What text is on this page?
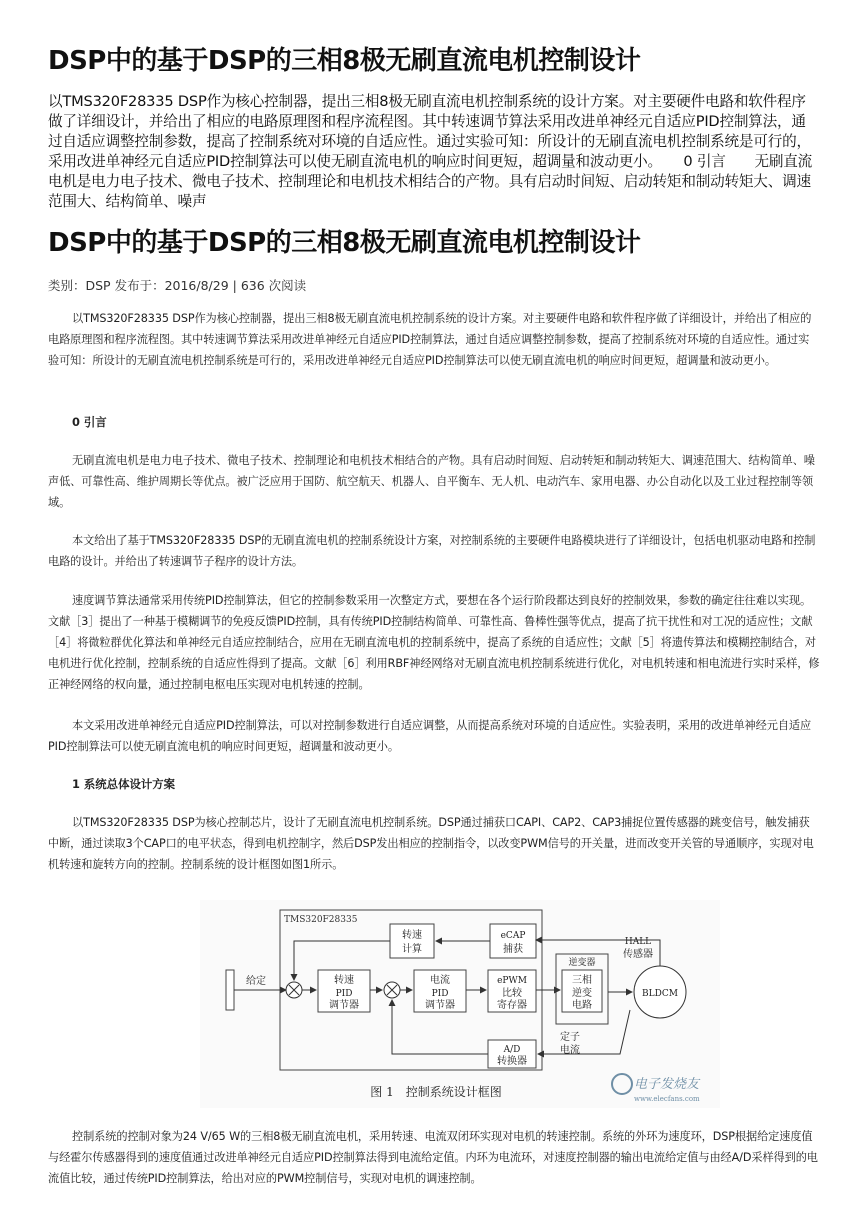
DSP中的基于DSP的三相8极无刷直流电机控制设计
以TMS320F28335 DSP作为核心控制器，提出三相8极无刷直流电机控制系统的设计方案。对主要硬件电路和软件程序做了详细设计，并给出了相应的电路原理图和程序流程图。其中转速调节算法采用改进单神经元自适应PID控制算法，通过自适应调整控制参数，提高了控制系统对环境的自适应性。通过实验可知：所设计的无刷直流电机控制系统是可行的，采用改进单神经元自适应PID控制算法可以使无刷直流电机的响应时间更短，超调量和波动更小。　　0 引言　　无刷直流电机是电力电子技术、微电子技术、控制理论和电机技术相结合的产物。具有启动时间短、启动转矩和制动转矩大、调速范围大、结构简单、噪声
DSP中的基于DSP的三相8极无刷直流电机控制设计
类别：DSP 发布于：2016/8/29 | 636 次阅读
以TMS320F28335 DSP作为核心控制器，提出三相8极无刷直流电机控制系统的设计方案。对主要硬件电路和软件程序做了详细设计，并给出了相应的电路原理图和程序流程图。其中转速调节算法采用改进单神经元自适应PID控制算法，通过自适应调整控制参数，提高了控制系统对环境的自适应性。通过实验可知：所设计的无刷直流电机控制系统是可行的，采用改进单神经元自适应PID控制算法可以使无刷直流电机的响应时间更短，超调量和波动更小。
0 引言
无刷直流电机是电力电子技术、微电子技术、控制理论和电机技术相结合的产物。具有启动时间短、启动转矩和制动转矩大、调速范围大、结构简单、噪声低、可靠性高、维护周期长等优点。被广泛应用于国防、航空航天、机器人、自平衡车、无人机、电动汽车、家用电器、办公自动化以及工业过程控制等领域。
本文给出了基于TMS320F28335 DSP的无刷直流电机的控制系统设计方案，对控制系统的主要硬件电路模块进行了详细设计，包括电机驱动电路和控制电路的设计。并给出了转速调节子程序的设计方法。
速度调节算法通常采用传统PID控制算法，但它的控制参数采用一次整定方式，要想在各个运行阶段都达到良好的控制效果，参数的确定往往难以实现。文献［3］提出了一种基于模糊调节的免疫反馈PID控制，具有传统PID控制结构简单、可靠性高、鲁棒性强等优点，提高了抗干扰性和对工况的适应性；文献［4］将微粒群优化算法和单神经元自适应控制结合，应用在无刷直流电机的控制系统中，提高了系统的自适应性；文献［5］将遗传算法和模糊控制结合，对电机进行优化控制，控制系统的自适应性得到了提高。文献［6］利用RBF神经网络对无刷直流电机控制系统进行优化，对电机转速和相电流进行实时采样，修正神经网络的权向量，通过控制电枢电压实现对电机转速的控制。
本文采用改进单神经元自适应PID控制算法，可以对控制参数进行自适应调整，从而提高系统对环境的自适应性。实验表明，采用的改进单神经元自适应PID控制算法可以使无刷直流电机的响应时间更短，超调量和波动更小。
1 系统总体设计方案
以TMS320F28335 DSP为核心控制芯片，设计了无刷直流电机控制系统。DSP通过捕获口CAPI、CAP2、CAP3捕捉位置传感器的跳变信号，触发捕获中断，通过读取3个CAP口的电平状态，得到电机控制字，然后DSP发出相应的控制指令，以改变PWM信号的开关量，进而改变开关管的导通顺序，实现对电机转速和旋转方向的控制。控制系统的设计框图如图1所示。
TMS320F28335
转速
计算
eCAP
捕获
HALL
传感器
给定	转速
PID
调节器
电流
PID
调节器
ePWM
比较
寄存器
逆变器
三相
逆变
电路
BLDCM
A/D
转换器
定子
电流
图 1　控制系统设计框图	电子发烧友
www.elecfans.com
控制系统的控制对象为24 V/65 W的三相8极无刷直流电机，采用转速、电流双闭环实现对电机的转速控制。系统的外环为速度环，DSP根据给定速度值与经霍尔传感器得到的速度值通过改进单神经元自适应PID控制算法得到电流给定值。内环为电流环，对速度控制器的输出电流给定值与由经A/D采样得到的电流值比较，通过传统PID控制算法，给出对应的PWM控制信号，实现对电机的调速控制。
